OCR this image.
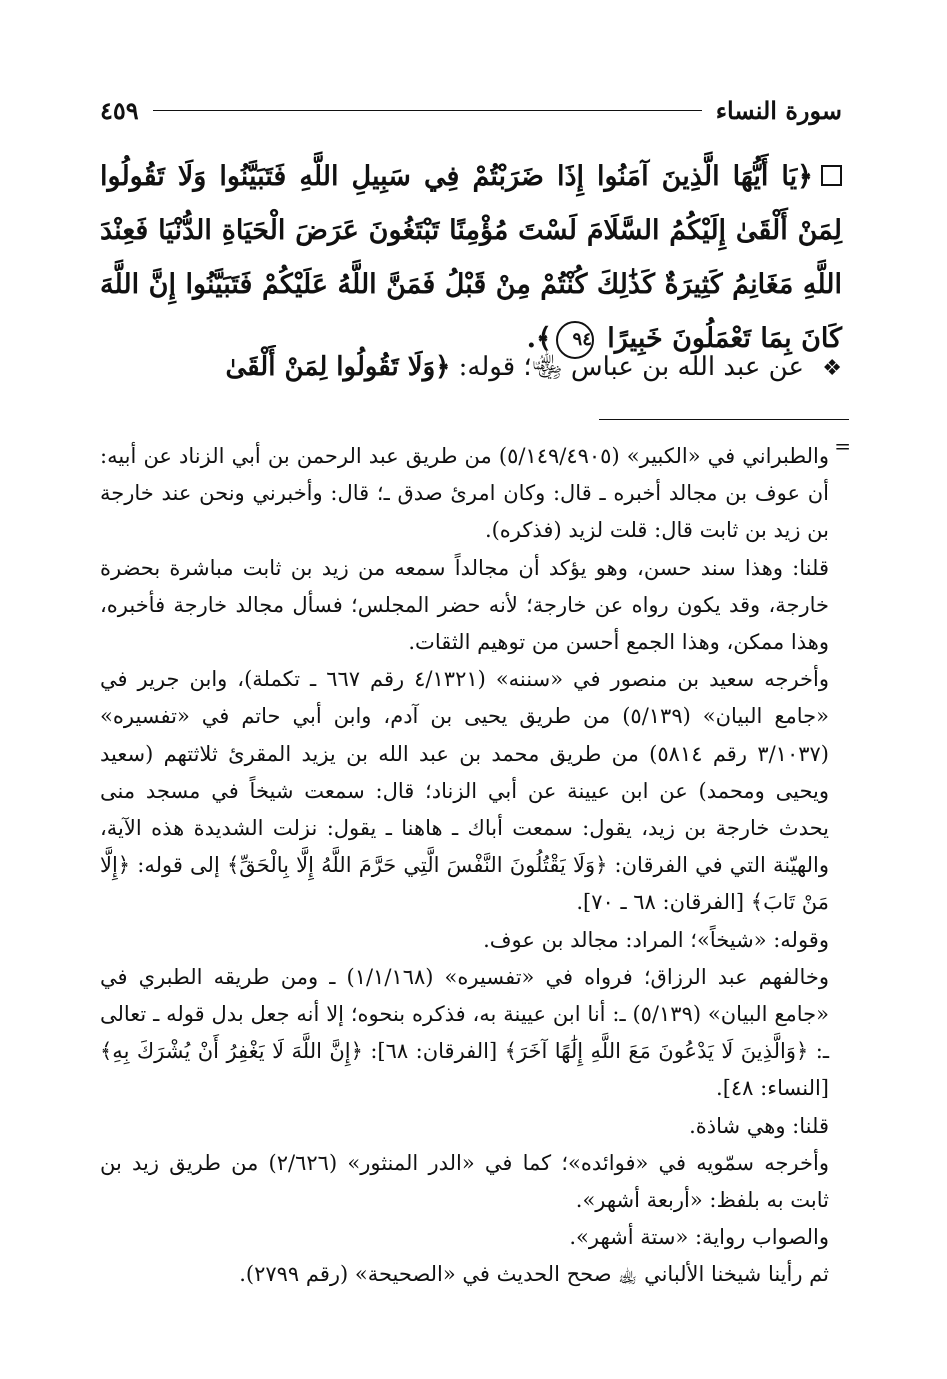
سورة النساء
٤٥٩
﴿يَا أَيُّهَا الَّذِينَ آمَنُوا إِذَا ضَرَبْتُمْ فِي سَبِيلِ اللَّهِ فَتَبَيَّنُوا وَلَا تَقُولُوا لِمَنْ أَلْقَىٰ إِلَيْكُمُ السَّلَامَ لَسْتَ مُؤْمِنًا تَبْتَغُونَ عَرَضَ الْحَيَاةِ الدُّنْيَا فَعِنْدَ اللَّهِ مَغَانِمُ كَثِيرَةٌ كَذَٰلِكَ كُنْتُمْ مِنْ قَبْلُ فَمَنَّ اللَّهُ عَلَيْكُمْ فَتَبَيَّنُوا إِنَّ اللَّهَ كَانَ بِمَا تَعْمَلُونَ خَبِيرًا ٩٤﴾.
❖ عن عبد الله بن عباس ﵄؛ قوله: ﴿وَلَا تَقُولُوا لِمَنْ أَلْقَىٰ
=

والطبراني في «الكبير» (٥/١٤٩/٤٩٠٥) من طريق عبد الرحمن بن أبي الزناد عن أبيه: أن عوف بن مجالد أخبره ـ قال: وكان امرئ صدق ـ؛ قال: وأخبرني ونحن عند خارجة بن زيد بن ثابت قال: قلت لزيد (فذكره).

قلنا: وهذا سند حسن، وهو يؤكد أن مجالداً سمعه من زيد بن ثابت مباشرة بحضرة خارجة، وقد يكون رواه عن خارجة؛ لأنه حضر المجلس؛ فسأل مجالد خارجة فأخبره، وهذا ممكن، وهذا الجمع أحسن من توهيم الثقات.

وأخرجه سعيد بن منصور في «سننه» (٤/١٣٢١ رقم ٦٦٧ ـ تكملة)، وابن جرير في «جامع البيان» (٥/١٣٩) من طريق يحيى بن آدم، وابن أبي حاتم في «تفسيره» (٣/١٠٣٧ رقم ٥٨١٤) من طريق محمد بن عبد الله بن يزيد المقرئ ثلاثتهم (سعيد ويحيى ومحمد) عن ابن عيينة عن أبي الزناد؛ قال: سمعت شيخاً في مسجد منى يحدث خارجة بن زيد، يقول: سمعت أباك ـ هاهنا ـ يقول: نزلت الشديدة هذه الآية، والهيّنة التي في الفرقان: ﴿وَلَا يَقْتُلُونَ النَّفْسَ الَّتِي حَرَّمَ اللَّهُ إِلَّا بِالْحَقِّ﴾ إلى قوله: ﴿إِلَّا مَنْ تَابَ﴾ [الفرقان: ٦٨ ـ ٧٠].

وقوله: «شيخاً»؛ المراد: مجالد بن عوف.

وخالفهم عبد الرزاق؛ فرواه في «تفسيره» (١/١/١٦٨) ـ ومن طريقه الطبري في «جامع البيان» (٥/١٣٩) ـ: أنا ابن عيينة به، فذكره بنحوه؛ إلا أنه جعل بدل قوله ـ تعالى ـ: ﴿وَالَّذِينَ لَا يَدْعُونَ مَعَ اللَّهِ إِلَٰهًا آخَرَ﴾ [الفرقان: ٦٨]: ﴿إِنَّ اللَّهَ لَا يَغْفِرُ أَنْ يُشْرَكَ بِهِ﴾ [النساء: ٤٨].

قلنا: وهي شاذة.

وأخرجه سمّويه في «فوائده»؛ كما في «الدر المنثور» (٢/٦٢٦) من طريق زيد بن ثابت به بلفظ: «أربعة أشهر».

والصواب رواية: «ستة أشهر».

ثم رأينا شيخنا الألباني ﵀ صحح الحديث في «الصحيحة» (رقم ٢٧٩٩).
